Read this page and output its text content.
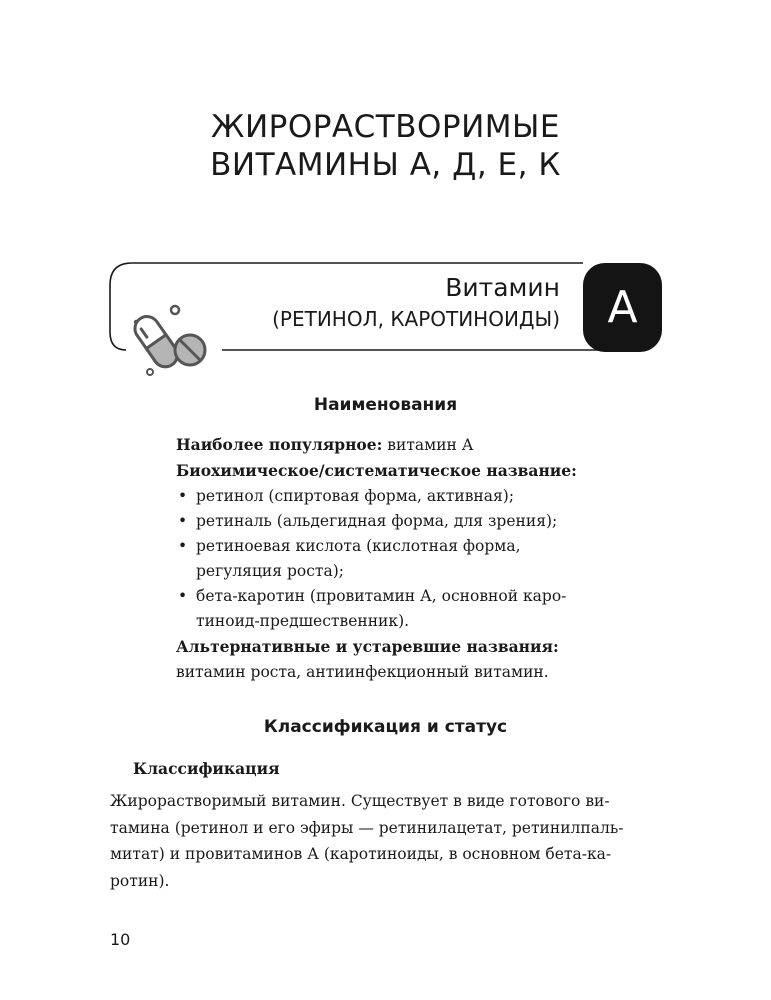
ЖИРОРАСТВОРИМЫЕ
ВИТАМИНЫ А, Д, Е, К
Витамин
(РЕТИНОЛ, КАРОТИНОИДЫ) A
Наименования

Наиболее популярное: витамин А

Биохимическое/систематическое название:

• ретинол (спиртовая форма, активная);
• ретиналь (альдегидная форма, для зрения);
• ретиноевая кислота (кислотная форма,
регуляция роста);
• бета-каротин (провитамин А, основной каро-
тиноид-предшественник).

Альтернативные и устаревшие названия:

витамин роста, антиинфекционный витамин.

Классификация и статус
Классификация
Жирорастворимый витамин. Существует в виде готового ви-
тамина (ретинол и его эфиры — ретинилацетат, ретинилпаль-
митат) и провитаминов А (каротиноиды, в основном бета-ка-
ротин).
10
